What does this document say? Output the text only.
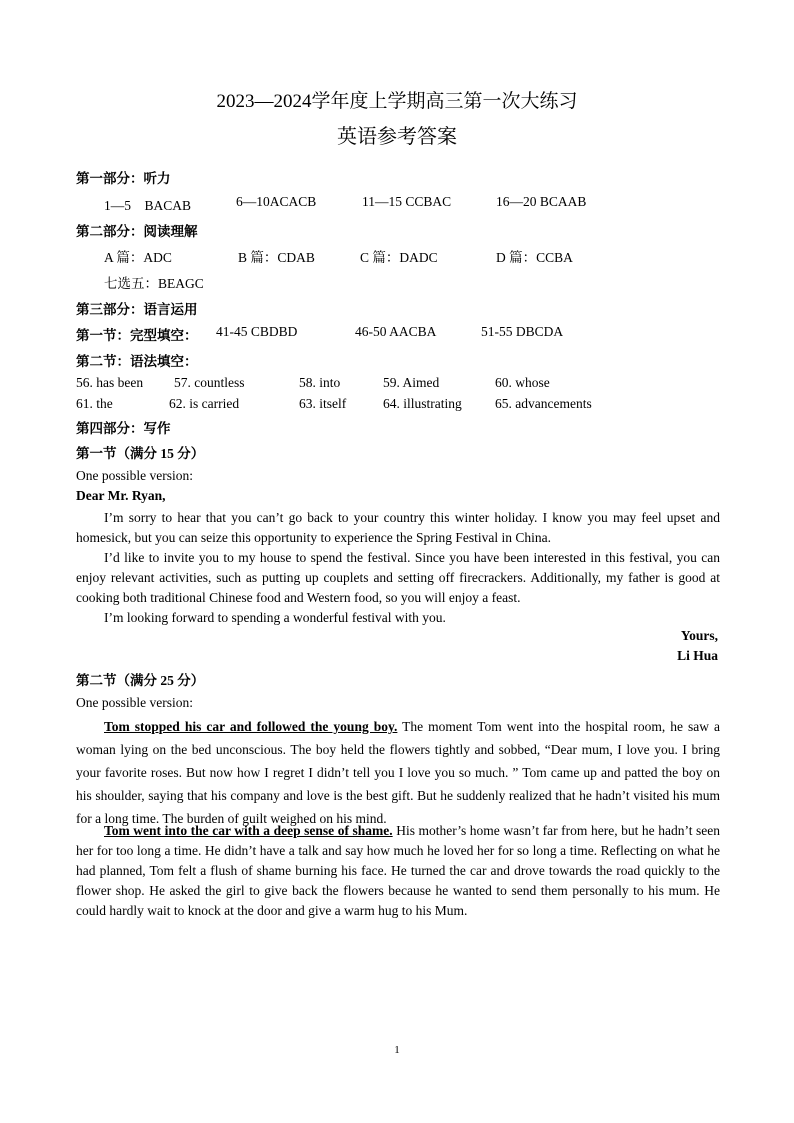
2023—2024学年度上学期高三第一次大练习
英语参考答案
第一部分：听力
1—5　BACAB	6—10ACACB	11—15 CCBAC	16—20 BCAAB
第二部分：阅读理解
A 篇：ADC	B 篇：CDAB	C 篇：DADC	D 篇：CCBA
七选五：BEAGC
第三部分：语言运用
第一节：完型填空： 41-45 CBDBD	46-50 AACBA	51-55 DBCDA
第二节：语法填空：
56. has been 57. countless	58. into	59. Aimed	60. whose
61. the	62. is carried	63. itself	64. illustrating 65. advancements
第四部分：写作
第一节（满分 15 分）
One possible version:
Dear Mr. Ryan,
I’m sorry to hear that you can’t go back to your country this winter holiday. I know you may feel upset and homesick, but you can seize this opportunity to experience the Spring Festival in China.
I’d like to invite you to my house to spend the festival. Since you have been interested in this festival, you can enjoy relevant activities, such as putting up couplets and setting off firecrackers. Additionally, my father is good at cooking both traditional Chinese food and Western food, so you will enjoy a feast.
I’m looking forward to spending a wonderful festival with you.
Yours,
Li Hua
第二节（满分 25 分）
One possible version:
Tom stopped his car and followed the young boy. The moment Tom went into the hospital room, he saw a woman lying on the bed unconscious. The boy held the flowers tightly and sobbed, “Dear mum, I love you. I bring your favorite roses. But now how I regret I didn’t tell you I love you so much. ” Tom came up and patted the boy on his shoulder, saying that his company and love is the best gift. But he suddenly realized that he hadn’t visited his mum for a long time. The burden of guilt weighed on his mind.
Tom went into the car with a deep sense of shame. His mother’s home wasn’t far from here, but he hadn’t seen her for too long a time. He didn’t have a talk and say how much he loved her for so long a time. Reflecting on what he had planned, Tom felt a flush of shame burning his face. He turned the car and drove towards the road quickly to the flower shop. He asked the girl to give back the flowers because he wanted to send them personally to his mum. He could hardly wait to knock at the door and give a warm hug to his Mum.
1
